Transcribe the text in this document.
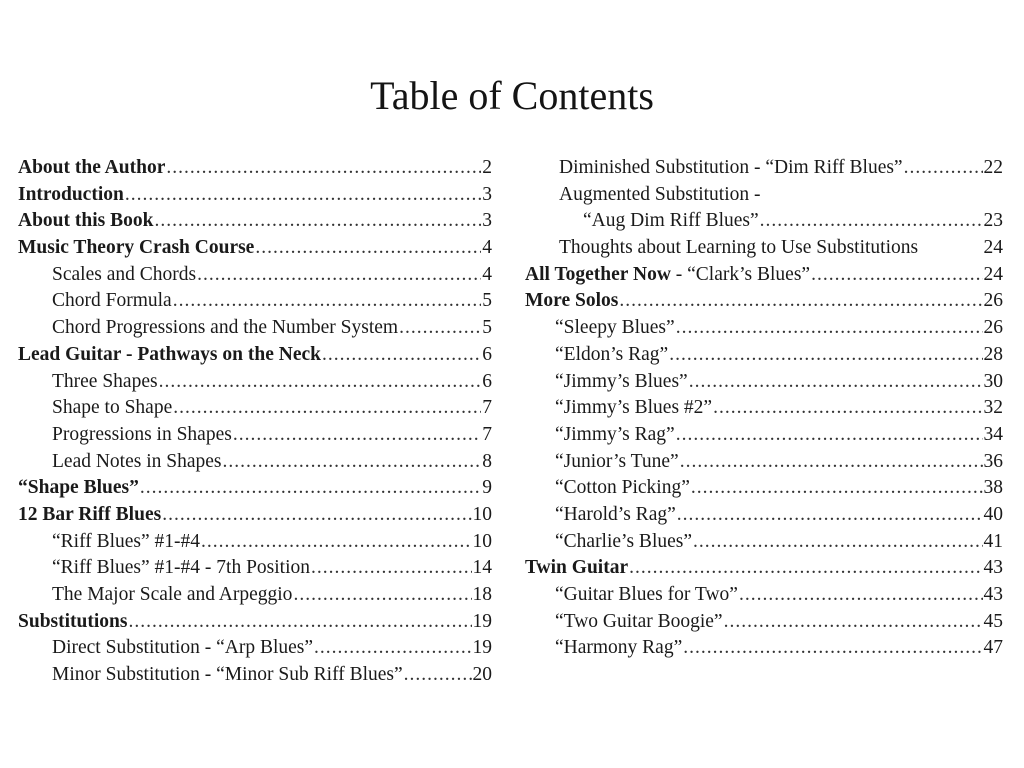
Table of Contents
About the Author .....	2
Introduction .....	3
About this Book .....	3
Music Theory Crash Course .....	4
Scales and Chords .....	4
Chord Formula .....	5
Chord Progressions and the Number System .....	5
Lead Guitar - Pathways on the Neck .....	6
Three Shapes .....	6
Shape to Shape .....	7
Progressions in Shapes .....	7
Lead Notes in Shapes .....	8
“Shape Blues” .....	9
12 Bar Riff Blues .....	10
“Riff Blues” #1-#4 .....	10
“Riff Blues” #1-#4 - 7th Position .....	14
The Major Scale and Arpeggio .....	18
Substitutions .....	19
Direct Substitution - “Arp Blues” .....	19
Minor Substitution - “Minor Sub Riff Blues” .....	20
Diminished Substitution - “Dim Riff Blues” .....	22
Augmented Substitution -
“Aug Dim Riff Blues” .....	23
Thoughts about Learning to Use Substitutions	24
All Together Now - “Clark’s Blues” .....	24
More Solos .....	26
“Sleepy Blues” .....	26
“Eldon’s Rag” .....	28
“Jimmy’s Blues” .....	30
“Jimmy’s Blues #2” .....	32
“Jimmy’s Rag” .....	34
“Junior’s Tune” .....	36
“Cotton Picking” .....	38
“Harold’s Rag” .....	40
“Charlie’s Blues” .....	41
Twin Guitar .....	43
“Guitar Blues for Two” .....	43
“Two Guitar Boogie” .....	45
“Harmony Rag” .....	47
